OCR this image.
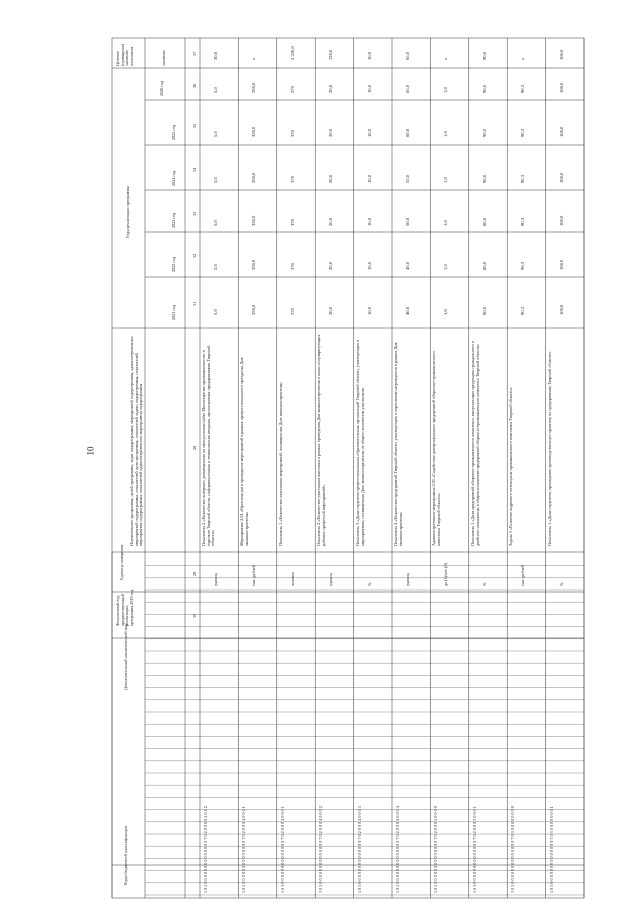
10
Коды бюджетной классификации
Дополнительный аналитический код
Наименование программы, целей программы, задач подпрограммы, мероприятий подпрограммы, административных мероприятий подпрограммы, показателей цели программы, показателей задачи подпрограммы, показателей мероприятия подпрограммы, показателей административного мероприятия подпрограммы
Единица измерения
Финансовый год, предшествующий реализации программы 2019 год
Годы реализации программы
Целевое (суммарное) значение показателя	значение
2021 год
2022 год
2023 год
2024 год
2025 год
2026 год
28
29
30
31
32
33
34
35
36
37
1 0 5 0 0 0 0 0 0 0 0 0 0 0 0 0 0 7 0 2 0 0 0 0 2 0 1 2
Показатель 2 «Количество интервью, размещенных на официальном сайте Министерства промышленности и торговли Тверской области, информационных и тематических вводных, организуемых предприятиями Тверской области»
единиц
5,0
5,0
5,0
5,0
5,0
5,0
30,0
1 0 5 0 0 0 0 0 0 0 0 0 0 0 0 0 0 7 0 2 0 0 0 4 0 0 0 1
Мероприятие 2.04 «Организация и проведение мероприятий в рамках профессионального праздника Дня машиностроителя»
тыс. рублей
350,0
350,0
350,0
350,0
350,0
350,0
х
1 0 5 0 0 0 0 0 0 0 0 0 0 0 0 0 0 7 0 2 0 0 0 4 0 0 0 1
Показатель 1 «Количество участников мероприятий, посвященных Дню машиностроителя»
человек
370
370
370
370
370
370
2 220,0
1 0 5 0 0 0 0 0 0 0 0 0 0 0 0 0 0 7 0 2 0 0 0 4 0 0 0 2
Показатель 2 «Количество участников выставки в рамках проведения Дня машиностроителя и иных популяризующих рабочих профессий мероприятий»
единиц
20,0
20,0
20,0
20,0
20,0
20,0
120,0
1 0 5 0 0 0 0 0 0 0 0 0 0 0 0 0 0 7 0 2 0 0 0 4 0 0 0 3
Показатель 3 «Доля студентов профессиональных образовательных организаций Тверской области, участвующих в мероприятиях, посвященных Дню машиностроителя, от общего количества участников»
%
10,0
10,0
10,0
10,0
10,0
10,0
10,0
1 0 5 0 0 0 0 0 0 0 0 0 0 0 0 0 0 7 0 2 0 0 0 4 0 0 0 4
Показатель 4 «Количество предприятий Тверской области, участвующих в отраслевом награждении в рамках Дня машиностроителя»
единиц
40,0
45,0
50,0
55,0
60,0
65,0
65,0
1 0 5 0 0 0 0 0 0 0 0 0 0 0 0 0 0 7 0 2 0 0 0 5 0 0 0 0
Административное мероприятие 2.05 «Содействие диверсификации предприятий оборонно-промышленного комплекса Тверской области»
да (1)/нет (0)
1,0
1,0
1,0
1,0
1,0
1,0
х
1 0 5 0 0 0 0 0 0 0 0 0 0 0 0 0 0 7 0 2 0 0 0 5 0 0 0 1
Показатель 1 «Доля предприятий оборонно-промышленного комплекса, выпускающих продукцию гражданского и двойного назначения, в общем количестве предприятий оборонно-промышленного комплекса Тверской области»
%
80,0
80,0
80,0
90,0
90,0
90,0
90,0
1 0 5 0 0 0 0 0 0 0 0 0 0 0 0 0 0 7 0 3 0 0 0 0 0 0 0 0
Задача 3 «Развитие кадрового потенциала промышленного комплекса Тверской области»
тыс. рублей
90,3
90,3
90,3
90,3
90,3
90,3
х
1 0 5 0 0 0 0 0 0 0 0 0 0 0 0 0 0 7 0 3 0 0 0 0 0 0 0 1
Показатель 1 «Доля студентов, прошедших производственную практику на предприятиях Тверской области»
%
100,0
100,0
100,0
100,0
100,0
100,0
100,0
